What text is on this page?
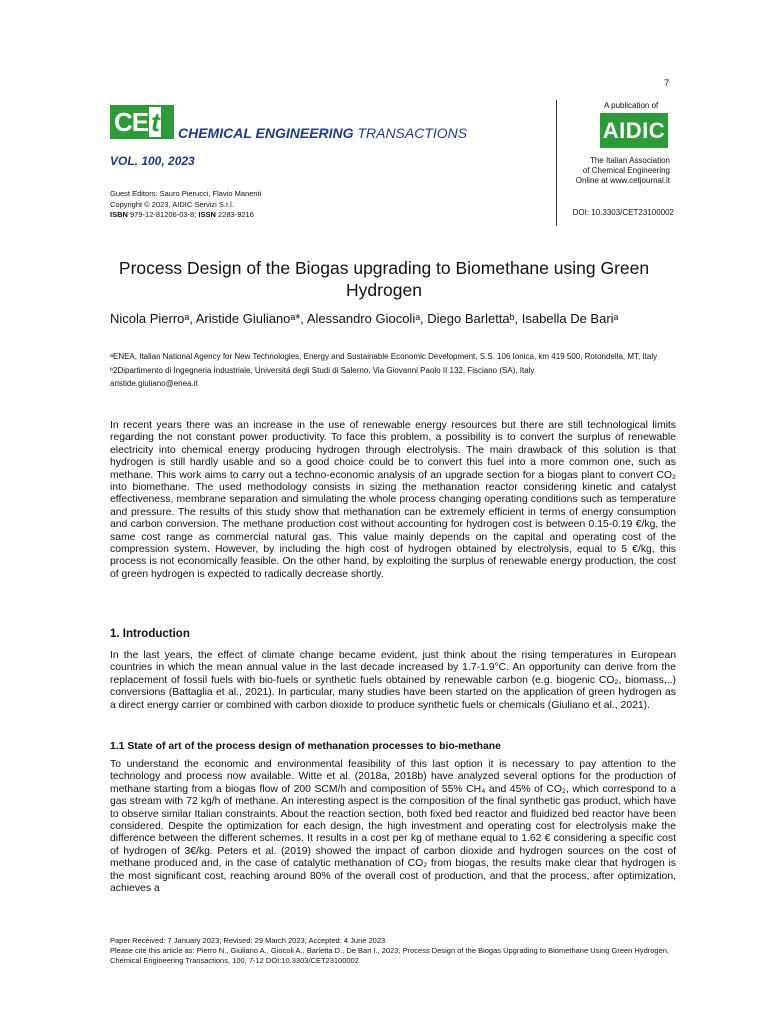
7
CE t	CHEMICAL ENGINEERING TRANSACTIONS
VOL. 100, 2023
A publication of
AIDIC
The Italian Association
of Chemical Engineering
Online at www.cetjournal.it
Guest Editors: Sauro Pierucci, Flavio Manenti
Copyright © 2023, AIDIC Servizi S.r.l.
ISBN 979-12-81206-03-8; ISSN 2283-9216	DOI: 10.3303/CET23100002
Process Design of the Biogas upgrading to Biomethane using Green Hydrogen
Nicola Pierroᵃ, Aristide Giulianoᵃ*, Alessandro Giocoliᵃ, Diego Barlettaᵇ, Isabella De Bariᵃ
ᵃENEA, Italian National Agency for New Technologies, Energy and Sustainable Economic Development, S.S. 106 Ionica, km 419 500, Rotondella, MT, Italy
ᵇ2Dipartimento di Ingegneria Industriale, Universitá degli Studi di Salerno, Via Giovanni Paolo II 132, Fisciano (SA), Italy
aristide.giuliano@enea.it
In recent years there was an increase in the use of renewable energy resources but there are still technological limits regarding the not constant power productivity. To face this problem, a possibility is to convert the surplus of renewable electricity into chemical energy producing hydrogen through electrolysis. The main drawback of this solution is that hydrogen is still hardly usable and so a good choice could be to convert this fuel into a more common one, such as methane. This work aims to carry out a techno-economic analysis of an upgrade section for a biogas plant to convert CO₂ into biomethane. The used methodology consists in sizing the methanation reactor considering kinetic and catalyst effectiveness, membrane separation and simulating the whole process changing operating conditions such as temperature and pressure. The results of this study show that methanation can be extremely efficient in terms of energy consumption and carbon conversion. The methane production cost without accounting for hydrogen cost is between 0.15-0.19 €/kg, the same cost range as commercial natural gas. This value mainly depends on the capital and operating cost of the compression system. However, by including the high cost of hydrogen obtained by electrolysis, equal to 5 €/kg, this process is not economically feasible. On the other hand, by exploiting the surplus of renewable energy production, the cost of green hydrogen is expected to radically decrease shortly.
1. Introduction
In the last years, the effect of climate change became evident, just think about the rising temperatures in European countries in which the mean annual value in the last decade increased by 1.7-1.9°C. An opportunity can derive from the replacement of fossil fuels with bio-fuels or synthetic fuels obtained by renewable carbon (e.g. biogenic CO₂, biomass,..) conversions (Battaglia et al., 2021). In particular, many studies have been started on the application of green hydrogen as a direct energy carrier or combined with carbon dioxide to produce synthetic fuels or chemicals (Giuliano et al., 2021).
1.1 State of art of the process design of methanation processes to bio-methane
To understand the economic and environmental feasibility of this last option it is necessary to pay attention to the technology and process now available. Witte et al. (2018a, 2018b) have analyzed several options for the production of methane starting from a biogas flow of 200 SCM/h and composition of 55% CH₄ and 45% of CO₂, which correspond to a gas stream with 72 kg/h of methane. An interesting aspect is the composition of the final synthetic gas product, which have to observe similar Italian constraints. About the reaction section, both fixed bed reactor and fluidized bed reactor have been considered. Despite the optimization for each design, the high investment and operating cost for electrolysis make the difference between the different schemes. It results in a cost per kg of methane equal to 1.62 € considering a specific cost of hydrogen of 3€/kg. Peters et al. (2019) showed the impact of carbon dioxide and hydrogen sources on the cost of methane produced and, in the case of catalytic methanation of CO₂ from biogas, the results make clear that hydrogen is the most significant cost, reaching around 80% of the overall cost of production, and that the process, after optimization, achieves a
Paper Received: 7 January 2023; Revised: 29 March 2023; Accepted: 4 June 2023
Please cite this article as: Pierro N., Giuliano A., Giocoli A., Barletta D., De Bari I., 2023, Process Design of the Biogas Upgrading to Biomethane Using Green Hydrogen, Chemical Engineering Transactions, 100, 7-12 DOI:10.3303/CET23100002
